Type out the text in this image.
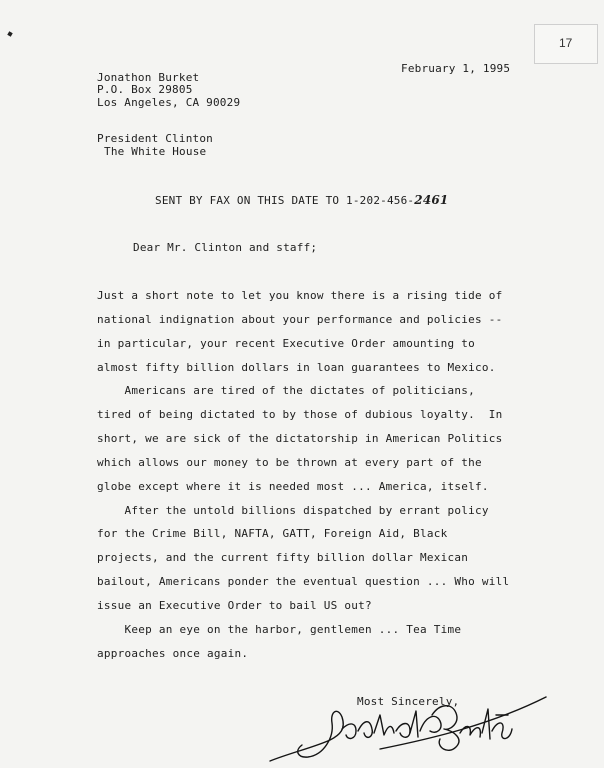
17
February 1, 1995
Jonathon Burket
P.O. Box 29805
Los Angeles, CA 90029
President Clinton
The White House
SENT BY FAX ON THIS DATE TO 1-202-456-2461
Dear Mr. Clinton and staff;
Just a short note to let you know there is a rising tide of
national indignation about your performance and policies --
in particular, your recent Executive Order amounting to
almost fifty billion dollars in loan guarantees to Mexico.
Americans are tired of the dictates of politicians,
tired of being dictated to by those of dubious loyalty.  In
short, we are sick of the dictatorship in American Politics
which allows our money to be thrown at every part of the
globe except where it is needed most ... America, itself.
After the untold billions dispatched by errant policy
for the Crime Bill, NAFTA, GATT, Foreign Aid, Black
projects, and the current fifty billion dollar Mexican
bailout, Americans ponder the eventual question ... Who will
issue an Executive Order to bail US out?
Keep an eye on the harbor, gentlemen ... Tea Time
approaches once again.
Most Sincerely,
